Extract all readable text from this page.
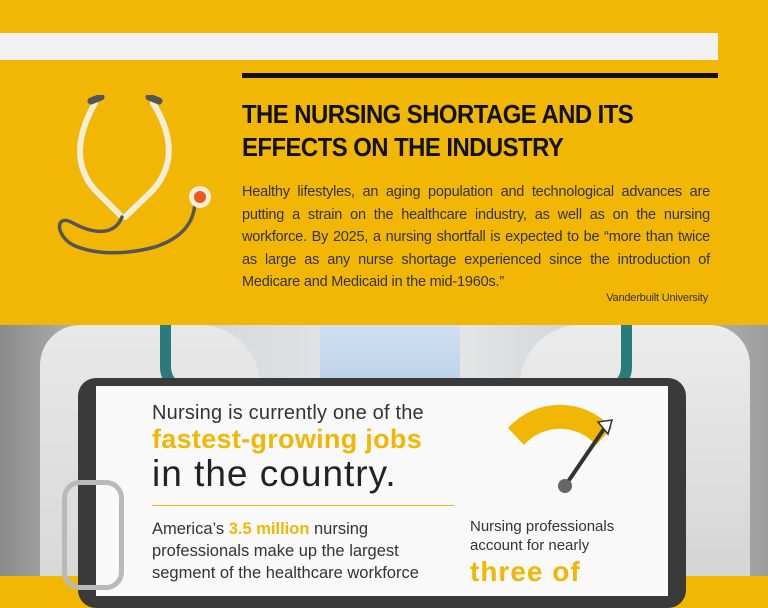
THE NURSING SHORTAGE AND ITS
EFFECTS ON THE INDUSTRY
Healthy lifestyles, an aging population and technological advances are putting a strain on the healthcare industry, as well as on the nursing workforce. By 2025, a nursing shortfall is expected to be “more than twice as large as any nurse shortage experienced since the introduction of Medicare and Medicaid in the mid-1960s.”
Vanderbuilt University
Nursing is currently one of the
fastest-growing jobs
in the country.
America’s 3.5 million nursing professionals make up the largest segment of the healthcare workforce
Nursing professionals account for nearly
three of
